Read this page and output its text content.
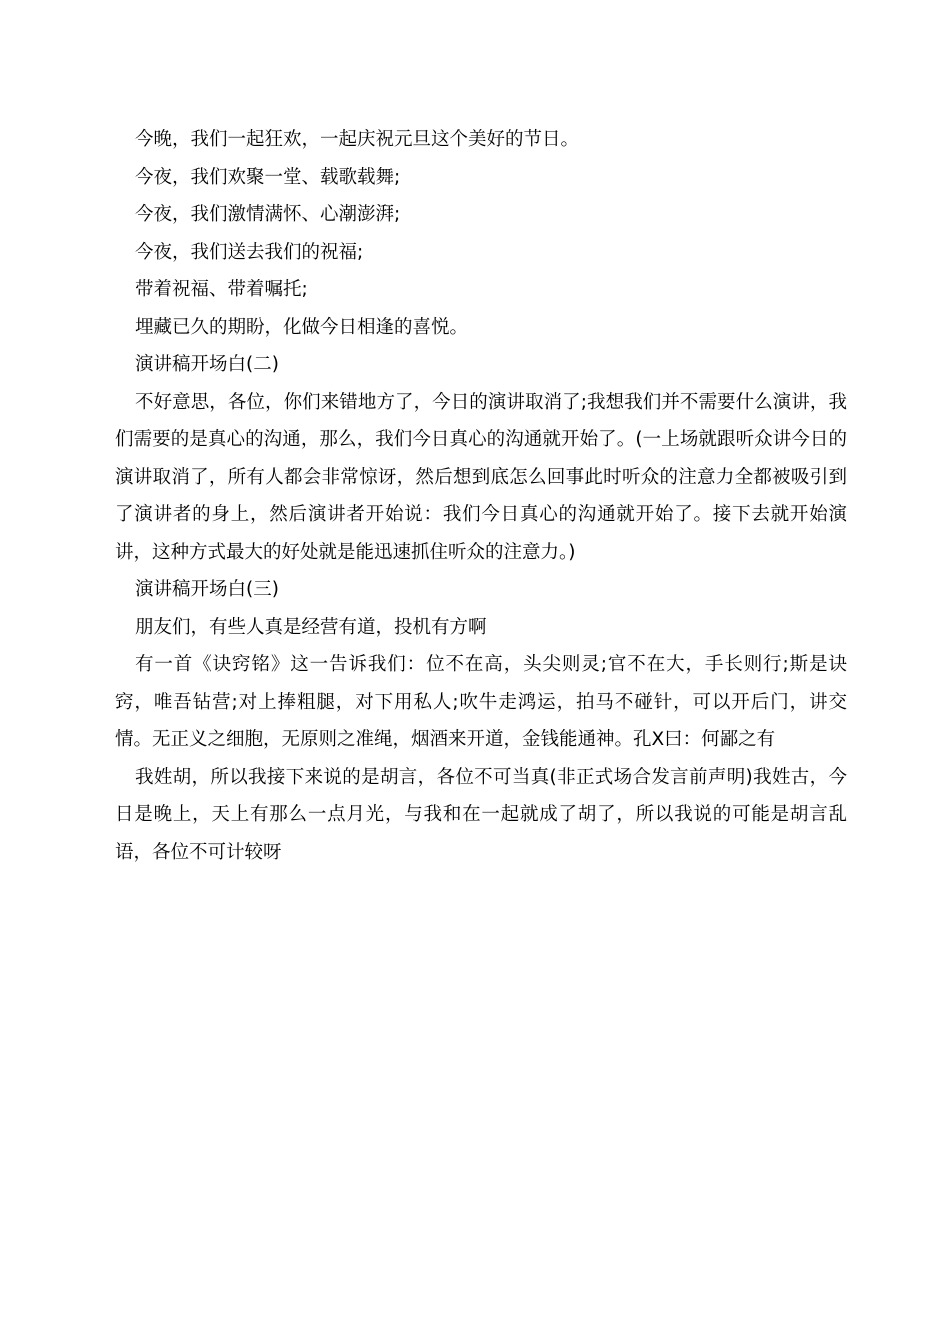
今晚，我们一起狂欢，一起庆祝元旦这个美好的节日。

今夜，我们欢聚一堂、载歌载舞;

今夜，我们激情满怀、心潮澎湃;

今夜，我们送去我们的祝福;

带着祝福、带着嘱托;

埋藏已久的期盼，化做今日相逢的喜悦。

演讲稿开场白(二)

不好意思，各位，你们来错地方了，今日的演讲取消了;我想我们并不需要什么演讲，我们需要的是真心的沟通，那么，我们今日真心的沟通就开始了。(一上场就跟听众讲今日的演讲取消了，所有人都会非常惊讶，然后想到底怎么回事此时听众的注意力全都被吸引到了演讲者的身上，然后演讲者开始说：我们今日真心的沟通就开始了。接下去就开始演讲，这种方式最大的好处就是能迅速抓住听众的注意力。)

演讲稿开场白(三)

朋友们，有些人真是经营有道，投机有方啊

有一首《诀窍铭》这一告诉我们：位不在高，头尖则灵;官不在大，手长则行;斯是诀窍，唯吾钻营;对上捧粗腿，对下用私人;吹牛走鸿运，拍马不碰针，可以开后门，讲交情。无正义之细胞，无原则之准绳，烟酒来开道，金钱能通神。孔X曰：何鄙之有

我姓胡，所以我接下来说的是胡言，各位不可当真(非正式场合发言前声明)我姓古，今日是晚上，天上有那么一点月光，与我和在一起就成了胡了，所以我说的可能是胡言乱语，各位不可计较呀
